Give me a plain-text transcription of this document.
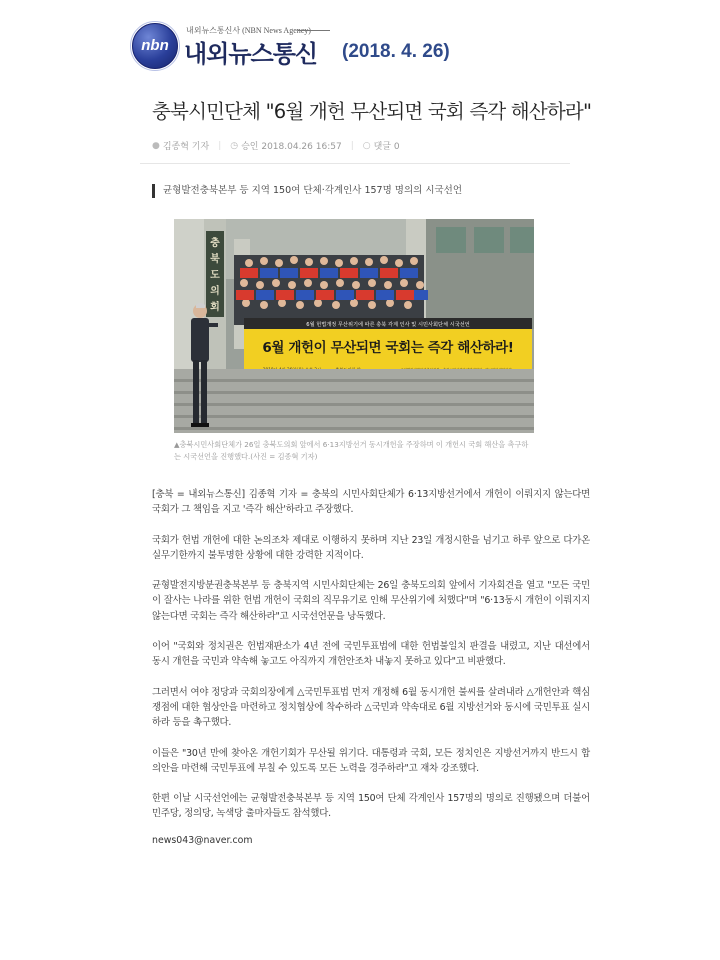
nbn
내외뉴스통신사 (NBN News Agency)
내외뉴스통신 (2018. 4. 26)
충북시민단체 "6월 개헌 무산되면 국회 즉각 해산하라"
● 김종혁 기자 | ◷ 승인 2018.04.26 16:57 | ○ 댓글 0
균형발전충북본부 등 지역 150여 단체·각계인사 157명 명의의 시국선언
충
북
도
의
회
6월 헌법개정 무산위기에 따른 충북 각계 인사 및 시민사회단체 시국선언
6월 개헌이 무산되면 국회는 즉각 해산하라!
▲충북시민사회단체가 26일 충북도의회 앞에서 6·13지방선거 동시개헌을 주장하며 이 개헌시 국회 해산을 촉구하는 시국선언을 진행했다.(사진 = 김종혁 기자)

[충북 = 내외뉴스통신] 김종혁 기자 = 충북의 시민사회단체가 6·13지방선거에서 개헌이 이뤄지지 않는다면 국회가 그 책임을 지고 '즉각 해산'하라고 주장했다.

국회가 헌법 개헌에 대한 논의조차 제대로 이행하지 못하며 지난 23일 개정시한을 넘기고 하루 앞으로 다가온 실무기한까지 불투명한 상황에 대한 강력한 지적이다.

균형발전지방분권충북본부 등 충북지역 시민사회단체는 26일 충북도의회 앞에서 기자회견을 열고 "모든 국민이 잘사는 나라를 위한 헌법 개헌이 국회의 직무유기로 인해 무산위기에 처했다"며 "6·13동시 개헌이 이뤄지지 않는다면 국회는 즉각 해산하라"고 시국선언문을 낭독했다.

이어 "국회와 정치권은 헌법재판소가 4년 전에 국민투표법에 대한 헌법불일치 판결을 내렸고, 지난 대선에서 동시 개헌을 국민과 약속해 놓고도 아직까지 개헌안조차 내놓지 못하고 있다"고 비판했다.

그러면서 여야 정당과 국회의장에게 △국민투표법 먼저 개정해 6월 동시개헌 불씨를 살려내라 △개헌안과 핵심쟁점에 대한 협상안을 마련하고 정치협상에 착수하라 △국민과 약속대로 6월 지방선거와 동시에 국민투표 실시하라 등을 촉구했다.

이들은 "30년 만에 찾아온 개헌기회가 무산될 위기다. 대통령과 국회, 모든 정치인은 지방선거까지 반드시 합의안을 마련해 국민투표에 부칠 수 있도록 모든 노력을 경주하라"고 재차 강조했다.

한편 이날 시국선언에는 균형발전충북본부 등 지역 150여 단체 각계인사 157명의 명의로 진행됐으며 더불어민주당, 정의당, 녹색당 출마자들도 참석했다.

news043@naver.com
